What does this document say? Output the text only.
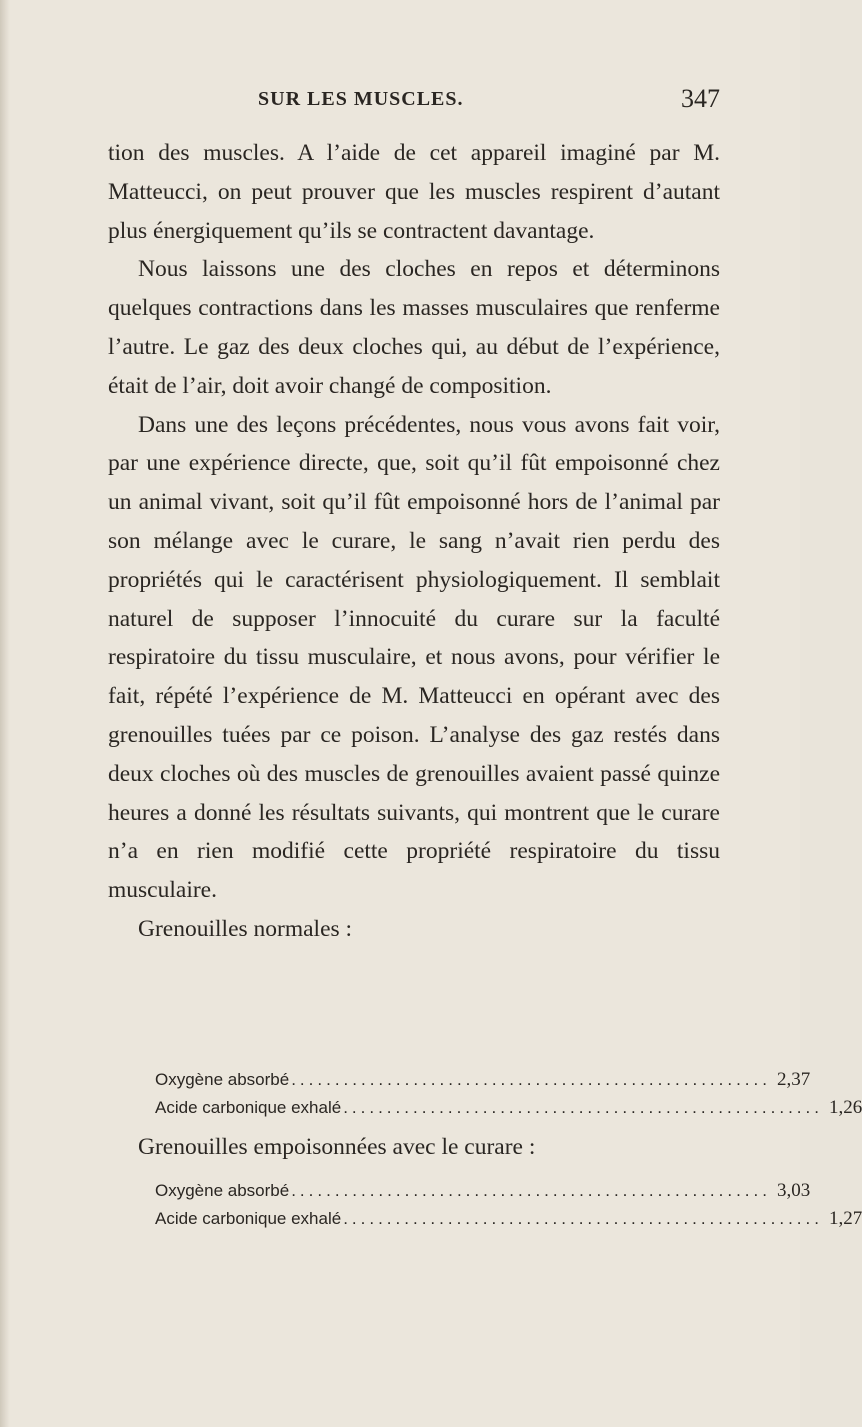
SUR LES MUSCLES.	347

tion des muscles. A l’aide de cet appareil imaginé par M. Matteucci, on peut prouver que les muscles respirent d’autant plus énergiquement qu’ils se contractent davantage.

Nous laissons une des cloches en repos et déterminons quelques contractions dans les masses musculaires que renferme l’autre. Le gaz des deux cloches qui, au début de l’expérience, était de l’air, doit avoir changé de composition.

Dans une des leçons précédentes, nous vous avons fait voir, par une expérience directe, que, soit qu’il fût empoisonné chez un animal vivant, soit qu’il fût empoisonné hors de l’animal par son mélange avec le curare, le sang n’avait rien perdu des propriétés qui le caractérisent physiologiquement. Il semblait naturel de supposer l’innocuité du curare sur la faculté respiratoire du tissu musculaire, et nous avons, pour vérifier le fait, répété l’expérience de M. Matteucci en opérant avec des grenouilles tuées par ce poison. L’analyse des gaz restés dans deux cloches où des muscles de grenouilles avaient passé quinze heures a donné les résultats suivants, qui montrent que le curare n’a en rien modifié cette propriété respiratoire du tissu musculaire.

Grenouilles normales :

Oxygène absorbé ....................................................... 2,37
Acide carbonique exhalé ....................................................... 1,26
Grenouilles empoisonnées avec le curare :
Oxygène absorbé ....................................................... 3,03
Acide carbonique exhalé ....................................................... 1,27
